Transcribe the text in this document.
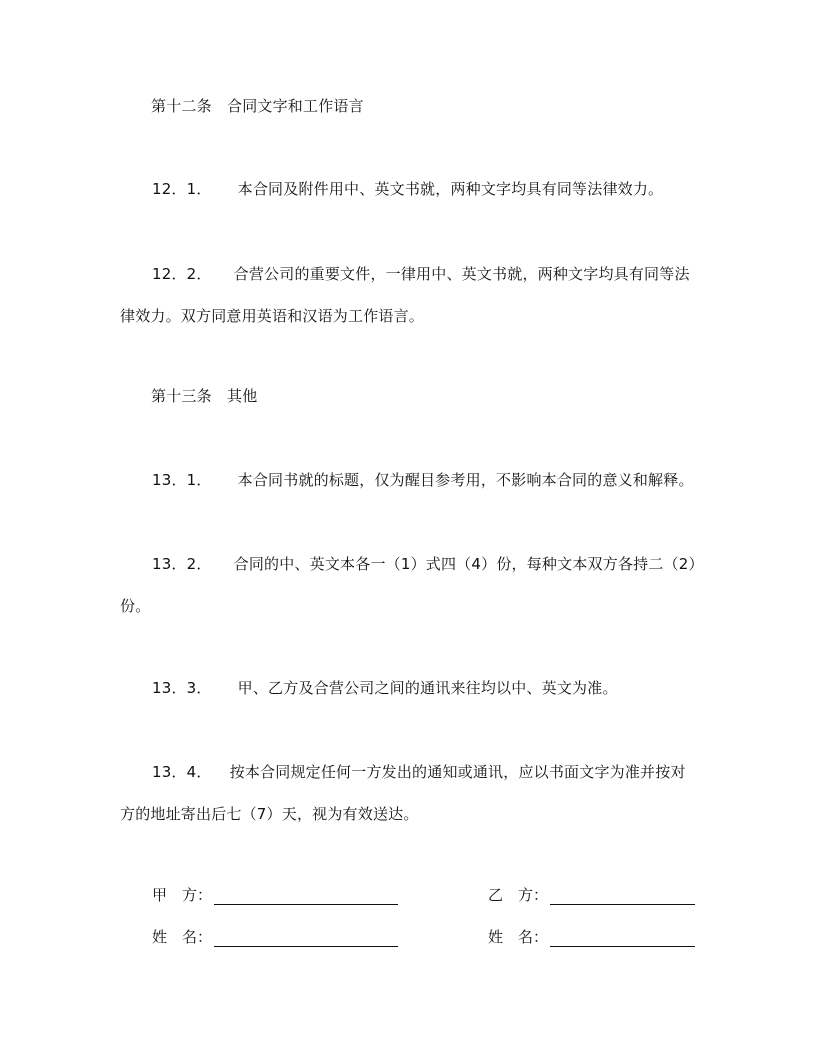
第十二条　合同文字和工作语言
12．1． 本合同及附件用中、英文书就，两种文字均具有同等法律效力。
12．2． 合营公司的重要文件，一律用中、英文书就，两种文字均具有同等法
律效力。双方同意用英语和汉语为工作语言。
第十三条　其他
13．1． 本合同书就的标题，仅为醒目参考用，不影响本合同的意义和解释。
13．2． 合同的中、英文本各一（1）式四（4）份，每种文本双方各持二（2）
份。
13．3． 甲、乙方及合营公司之间的通讯来往均以中、英文为准。
13．4． 按本合同规定任何一方发出的通知或通讯，应以书面文字为准并按对
方的地址寄出后七（7）天，视为有效送达。
甲　方：	乙　方：
姓　名：	姓　名：
